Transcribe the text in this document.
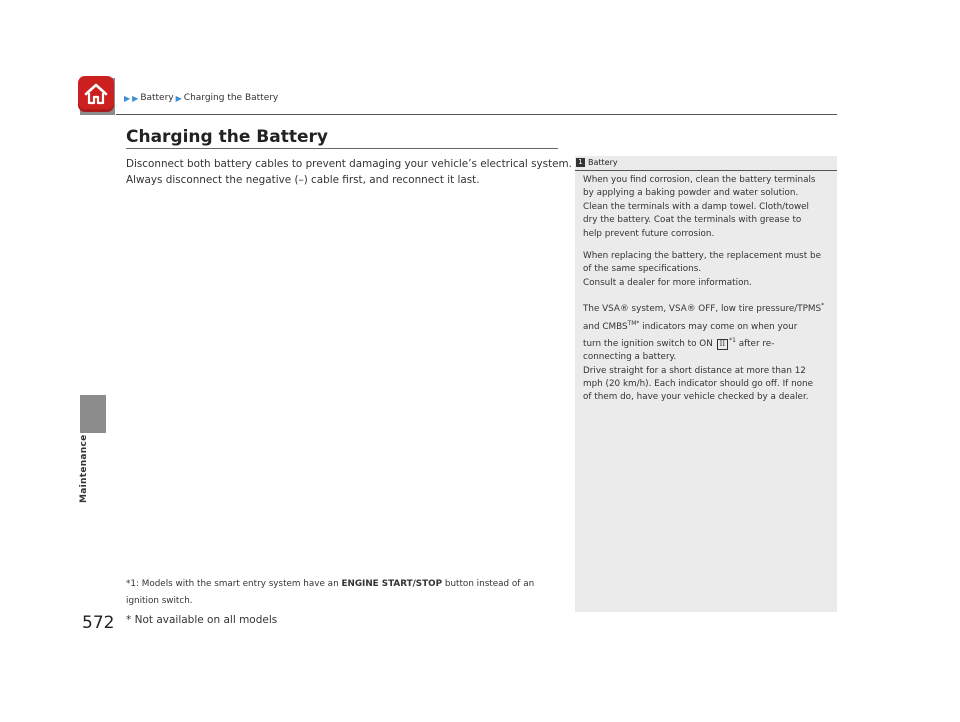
Maintenance
▶ ▶ Battery ▶ Charging the Battery
Charging the Battery

Disconnect both battery cables to prevent damaging your vehicle’s electrical system.

Always disconnect the negative (–) cable first, and reconnect it last.

1 Battery

When you find corrosion, clean the battery terminals
by applying a baking powder and water solution.
Clean the terminals with a damp towel. Cloth/towel
dry the battery. Coat the terminals with grease to
help prevent future corrosion.

When replacing the battery, the replacement must be
of the same specifications.
Consult a dealer for more information.

The VSA® system, VSA® OFF, low tire pressure/TPMS*
and $CMBS^{TM*}$ indicators may come on when your
turn the ignition switch to ON II $^{*1}$ after re-
connecting a battery.
Drive straight for a short distance at more than 12
mph (20 km/h). Each indicator should go off. If none
of them do, have your vehicle checked by a dealer.

*1: Models with the smart entry system have an ENGINE START/STOP button instead of an
ignition switch.
572 * Not available on all models
